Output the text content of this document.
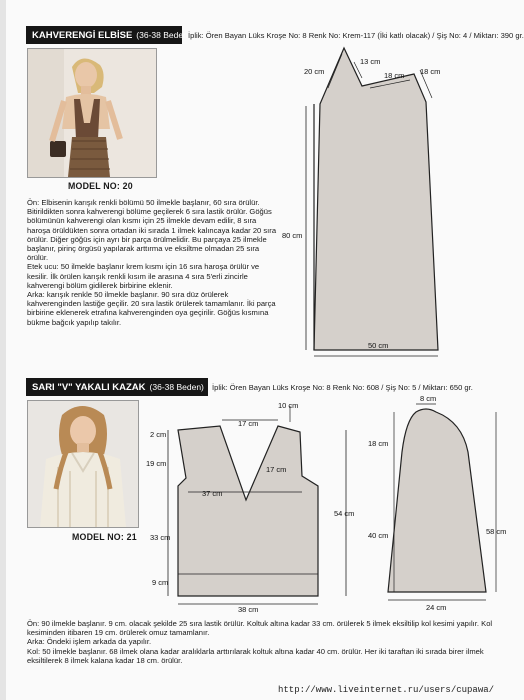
KAHVERENGİ ELBİSE (36-38 Beden)
İplik: Ören Bayan Lüks Kroşe No: 8 Renk No: Krem-117 (İki katlı olacak) / Şiş No: 4 / Miktarı: 390 gr.
MODEL NO: 20

Ön: Elbisenin karışık renkli bölümü 50 ilmekle başlanır, 60 sıra örülür. Bitirildikten sonra kahverengi bölüme geçilerek 6 sıra lastik örülür. Göğüs bölümünün kahverengi olan kısmı için 25 ilmekle devam edilir, 8 sıra haroşa örüldükten sonra ortadan iki sırada 1 ilmek kalıncaya kadar 20 sıra örülür. Diğer göğüs için ayrı bir parça örülmelidir. Bu parçaya 25 ilmekle başlanır, pirinç örgüsü yapılarak arttırma ve eksiltme olmadan 25 sıra örülür.

Etek ucu: 50 ilmekle başlanır krem kısmı için 16 sıra haroşa örülür ve kesilir. İlk örülen karışık renkli kısım ile arasına 4 sıra 5'erli zincirle kahverengi bölüm gidilerek birbirine eklenir.

Arka: karışık renkle 50 ilmekle başlanır. 90 sıra düz örülerek kahverenginden lastiğe geçilir. 20 sıra lastik örülerek tamamlanır. İki parça birbirine eklenerek etrafına kahverenginden oya geçirilir. Göğüs kısmına bükme bağcık yapılıp takılır.

20 cm
13 cm
18 cm 18 cm
80 cm
50 cm
SARI "V" YAKALI KAZAK (36-38 Beden)	İplik: Ören Bayan Lüks Kroşe No: 8 Renk No: 608 / Şiş No: 5 / Miktarı: 650 gr.
MODEL NO: 21
10 cm
2 cm
17 cm
19 cm
17 cm
37 cm
54 cm
33 cm
9 cm
38 cm
8 cm
18 cm
40 cm	58 cm
24 cm

Ön: 90 ilmekle başlanır. 9 cm. olacak şekilde 25 sıra lastik örülür. Koltuk altına kadar 33 cm. örülerek 5 ilmek eksiltilip kol kesimi yapılır. Kol kesiminden itibaren 19 cm. örülerek omuz tamamlanır.

Arka: Öndeki işlem arkada da yapılır.

Kol: 50 ilmekle başlanır. 68 ilmek olana kadar aralıklarla arttırılarak koltuk altına kadar 40 cm. örülür. Her iki taraftan iki sırada birer ilmek eksiltilerek 8 ilmek kalana kadar 18 cm. örülür.

http://www.liveinternet.ru/users/cupawa/
